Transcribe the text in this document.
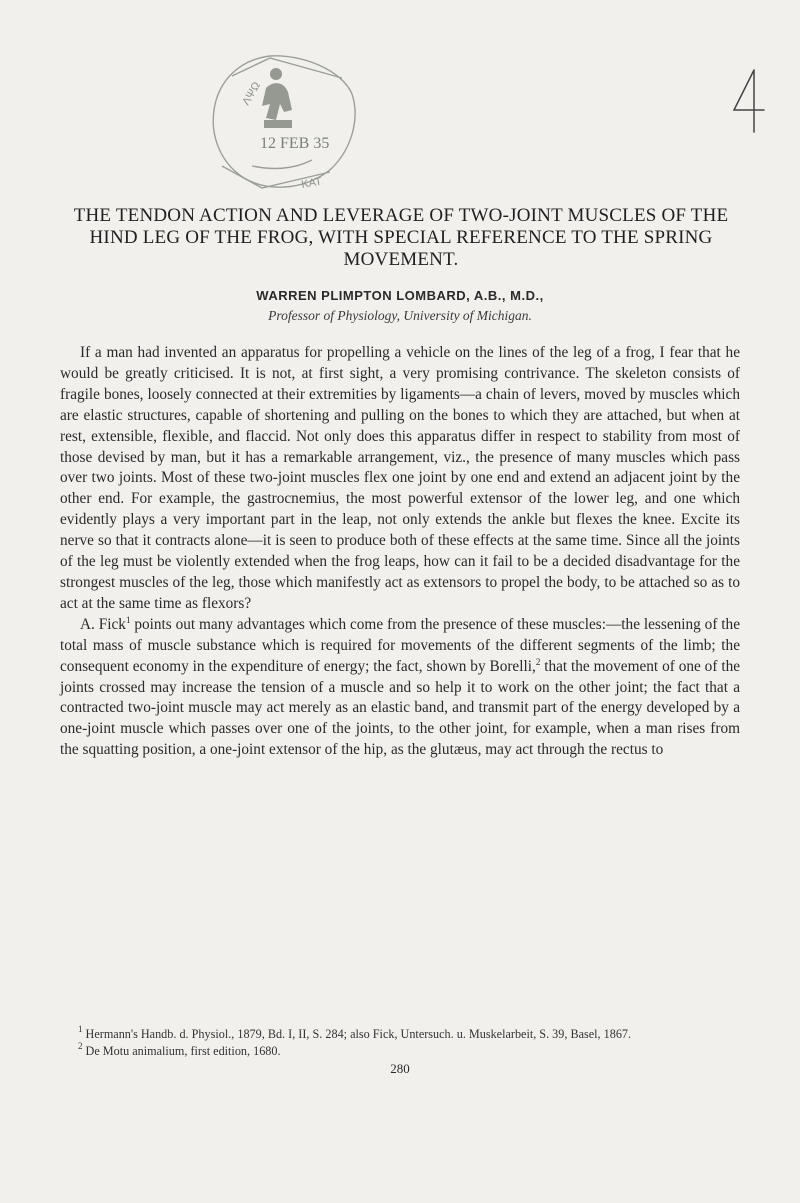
12 FEB 35
ΛΨΩ
ΚΑΤ
THE TENDON ACTION AND LEVERAGE OF TWO-JOINT MUSCLES OF THE HIND LEG OF THE FROG, WITH SPECIAL REFERENCE TO THE SPRING MOVEMENT.
WARREN PLIMPTON LOMBARD, A.B., M.D.,
Professor of Physiology, University of Michigan.

If a man had invented an apparatus for propelling a vehicle on the lines of the leg of a frog, I fear that he would be greatly criticised. It is not, at first sight, a very promising contrivance. The skeleton consists of fragile bones, loosely connected at their extremities by ligaments—a chain of levers, moved by muscles which are elastic structures, capable of shortening and pulling on the bones to which they are attached, but when at rest, extensible, flexible, and flaccid. Not only does this apparatus differ in respect to stability from most of those devised by man, but it has a remarkable arrangement, viz., the presence of many muscles which pass over two joints. Most of these two-joint muscles flex one joint by one end and extend an adjacent joint by the other end. For example, the gastrocnemius, the most powerful extensor of the lower leg, and one which evidently plays a very important part in the leap, not only extends the ankle but flexes the knee. Excite its nerve so that it contracts alone—it is seen to produce both of these effects at the same time. Since all the joints of the leg must be violently extended when the frog leaps, how can it fail to be a decided disadvantage for the strongest muscles of the leg, those which manifestly act as extensors to propel the body, to be attached so as to act at the same time as flexors?

A. Fick$^1$ points out many advantages which come from the presence of these muscles:—the lessening of the total mass of muscle substance which is required for movements of the different segments of the limb; the consequent economy in the expenditure of energy; the fact, shown by Borelli,$^2$ that the movement of one of the joints crossed may increase the tension of a muscle and so help it to work on the other joint; the fact that a contracted two-joint muscle may act merely as an elastic band, and transmit part of the energy developed by a one-joint muscle which passes over one of the joints, to the other joint, for example, when a man rises from the squatting position, a one-joint extensor of the hip, as the glutæus, may act through the rectus to

$^1$ Hermann's Handb. d. Physiol., 1879, Bd. I, II, S. 284; also Fick, Untersuch. u. Muskelarbeit, S. 39, Basel, 1867.

$^2$ De Motu animalium, first edition, 1680.

280
